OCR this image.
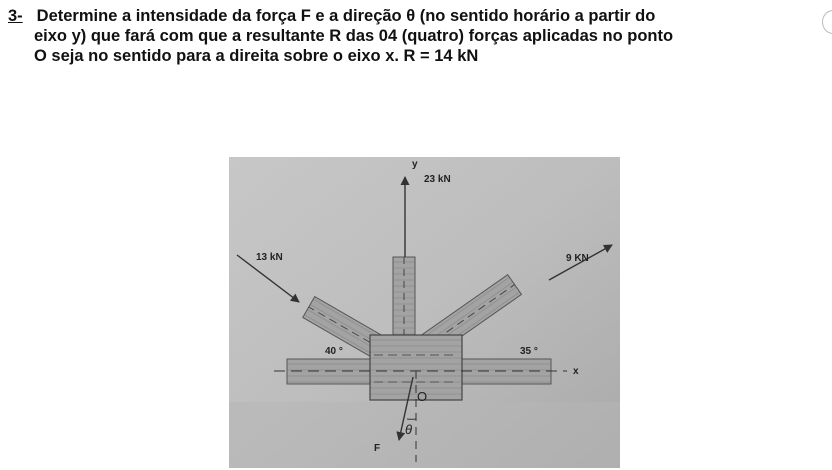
3- Determine a intensidade da força F e a direção θ (no sentido horário a partir do
eixo y) que fará com que a resultante R das 04 (quatro) forças aplicadas no ponto
O seja no sentido para a direita sobre o eixo x. R = 14 kN
y
23 kN
13 kN	9 KN
40 °	35 °
x
O
θ
F
